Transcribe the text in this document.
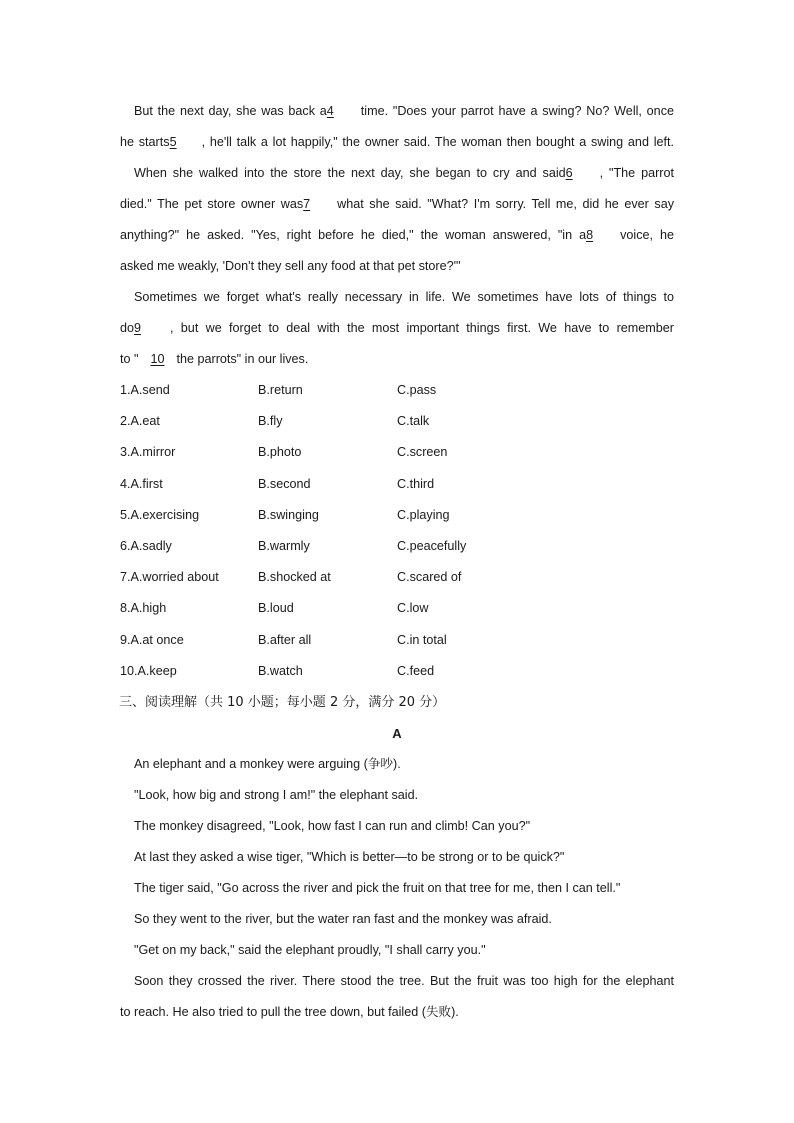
But the next day, she was back a4 time. "Does your parrot have a swing? No? Well, once
he starts5 , he'll talk a lot happily," the owner said. The woman then bought a swing and left.
When she walked into the store the next day, she began to cry and said6 , "The parrot
died." The pet store owner was7 what she said. "What? I'm sorry. Tell me, did he ever say
anything?" he asked. "Yes, right before he died," the woman answered, "in a8 voice, he
asked me weakly, 'Don't they sell any food at that pet store?'"
Sometimes we forget what's really necessary in life. We sometimes have lots of things to
do9 , but we forget to deal with the most important things first. We have to remember
to " 10 the parrots" in our lives.
1.A.send	B.return	C.pass
2.A.eat	B.fly	C.talk
3.A.mirror	B.photo	C.screen
4.A.first	B.second	C.third
5.A.exercising	B.swinging	C.playing
6.A.sadly	B.warmly	C.peacefully
7.A.worried about	B.shocked at	C.scared of
8.A.high	B.loud	C.low
9.A.at once	B.after all	C.in total
10.A.keep	B.watch	C.feed
三、阅读理解（共 10 小题；每小题 2 分，满分 20 分）
A
An elephant and a monkey were arguing (争吵).
"Look, how big and strong I am!" the elephant said.
The monkey disagreed, "Look, how fast I can run and climb! Can you?"
At last they asked a wise tiger, "Which is better—to be strong or to be quick?"
The tiger said, "Go across the river and pick the fruit on that tree for me, then I can tell."
So they went to the river, but the water ran fast and the monkey was afraid.
"Get on my back," said the elephant proudly, "I shall carry you."
Soon they crossed the river. There stood the tree. But the fruit was too high for the elephant
to reach. He also tried to pull the tree down, but failed (失败).
